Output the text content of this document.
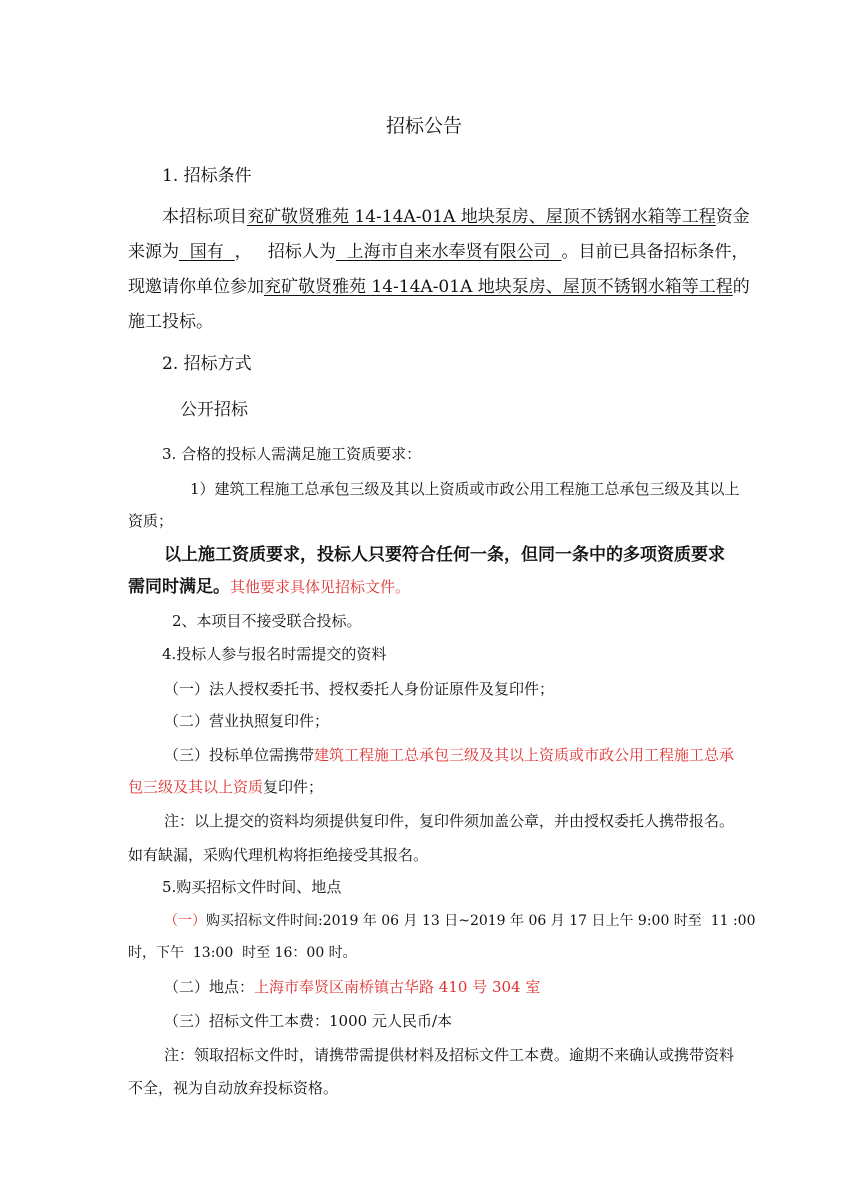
招标公告
1. 招标条件
本招标项目兖矿敬贤雅苑 14-14A-01A 地块泵房、屋顶不锈钢水箱等工程资金
来源为  国有  ，   招标人为  上海市自来水奉贤有限公司  。目前已具备招标条件，
现邀请你单位参加兖矿敬贤雅苑 14-14A-01A 地块泵房、屋顶不锈钢水箱等工程的
施工投标。
2. 招标方式
公开招标
3. 合格的投标人需满足施工资质要求：
1）建筑工程施工总承包三级及其以上资质或市政公用工程施工总承包三级及其以上
资质；
以上施工资质要求，投标人只要符合任何一条，但同一条中的多项资质要求
需同时满足。其他要求具体见招标文件。
2、本项目不接受联合投标。
4.投标人参与报名时需提交的资料
（一）法人授权委托书、授权委托人身份证原件及复印件；
（二）营业执照复印件；
（三）投标单位需携带建筑工程施工总承包三级及其以上资质或市政公用工程施工总承
包三级及其以上资质复印件；
注：以上提交的资料均须提供复印件，复印件须加盖公章，并由授权委托人携带报名。
如有缺漏，采购代理机构将拒绝接受其报名。
5.购买招标文件时间、地点
（一）购买招标文件时间:2019 年 06 月 13 日~2019 年 06 月 17 日上午 9:00 时至  11 :00
时，下午  13:00  时至 16：00 时。
（二）地点：上海市奉贤区南桥镇古华路 410 号 304 室
（三）招标文件工本费：1000 元人民币/本
注：领取招标文件时，请携带需提供材料及招标文件工本费。逾期不来确认或携带资料
不全，视为自动放弃投标资格。
